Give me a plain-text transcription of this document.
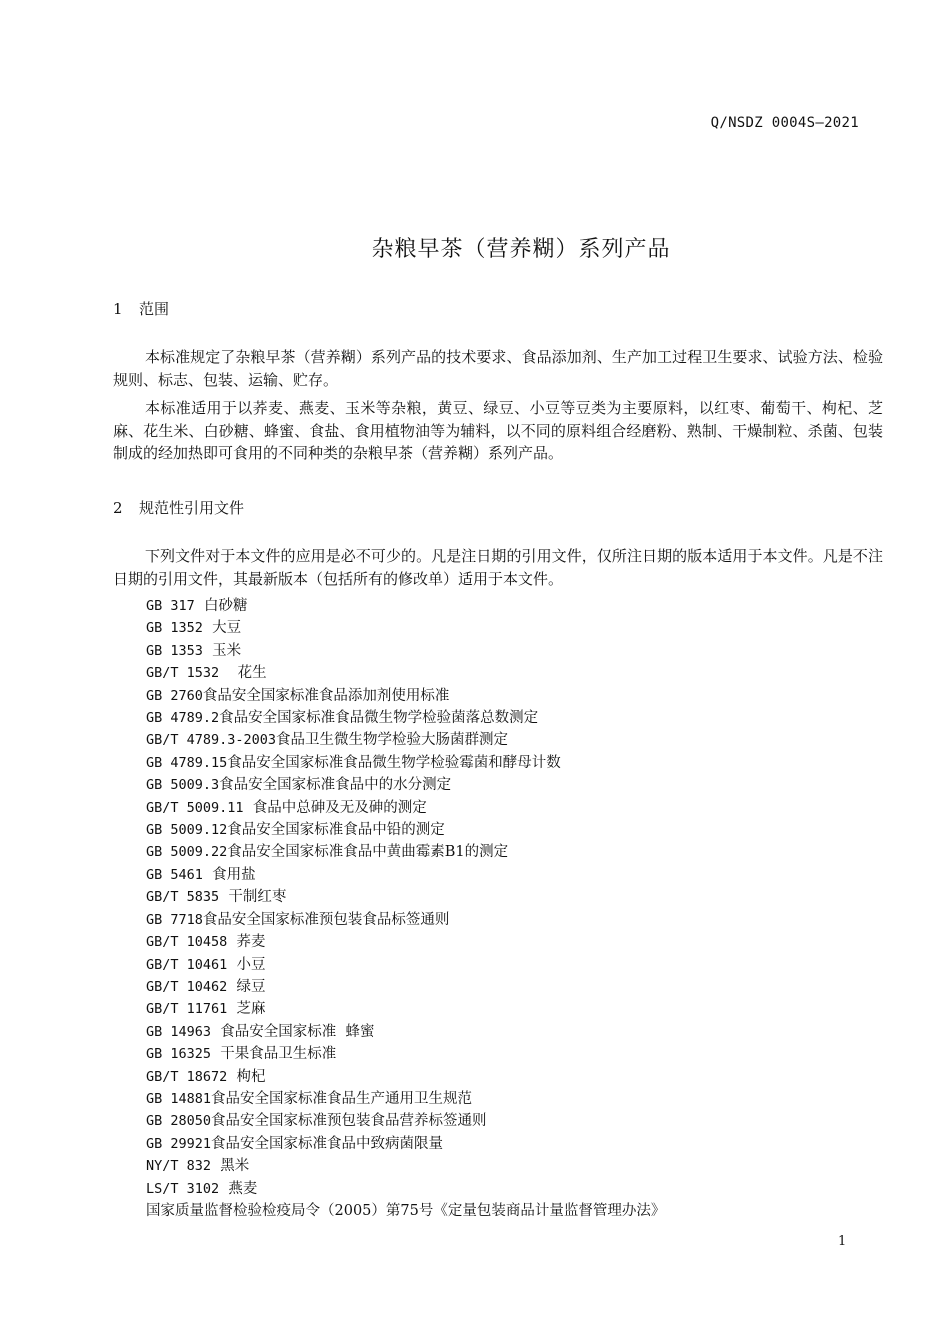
Q/NSDZ 0004S—2021
杂粮早茶（营养糊）系列产品
1 范围

本标准规定了杂粮早茶（营养糊）系列产品的技术要求、食品添加剂、生产加工过程卫生要求、试验方法、检验规则、标志、包装、运输、贮存。

本标准适用于以荞麦、燕麦、玉米等杂粮，黄豆、绿豆、小豆等豆类为主要原料，以红枣、葡萄干、枸杞、芝麻、花生米、白砂糖、蜂蜜、食盐、食用植物油等为辅料，以不同的原料组合经磨粉、熟制、干燥制粒、杀菌、包装制成的经加热即可食用的不同种类的杂粮早茶（营养糊）系列产品。

2 规范性引用文件

下列文件对于本文件的应用是必不可少的。凡是注日期的引用文件，仅所注日期的版本适用于本文件。凡是不注日期的引用文件，其最新版本（包括所有的修改单）适用于本文件。

GB 317 白砂糖
GB 1352 大豆
GB 1353 玉米
GB/T 1532 花生
GB 2760食品安全国家标准食品添加剂使用标准
GB 4789.2食品安全国家标准食品微生物学检验菌落总数测定
GB/T 4789.3-2003食品卫生微生物学检验大肠菌群测定
GB 4789.15食品安全国家标准食品微生物学检验霉菌和酵母计数
GB 5009.3食品安全国家标准食品中的水分测定
GB/T 5009.11 食品中总砷及无及砷的测定
GB 5009.12食品安全国家标准食品中铅的测定
GB 5009.22食品安全国家标准食品中黄曲霉素B1的测定
GB 5461 食用盐
GB/T 5835 干制红枣
GB 7718食品安全国家标准预包装食品标签通则
GB/T 10458 荞麦
GB/T 10461 小豆
GB/T 10462 绿豆
GB/T 11761 芝麻
GB 14963 食品安全国家标准  蜂蜜
GB 16325 干果食品卫生标准
GB/T 18672 枸杞
GB 14881食品安全国家标准食品生产通用卫生规范
GB 28050食品安全国家标准预包装食品营养标签通则
GB 29921食品安全国家标准食品中致病菌限量
NY/T 832 黑米
LS/T 3102 燕麦
国家质量监督检验检疫局令（2005）第75号《定量包装商品计量监督管理办法》
1
